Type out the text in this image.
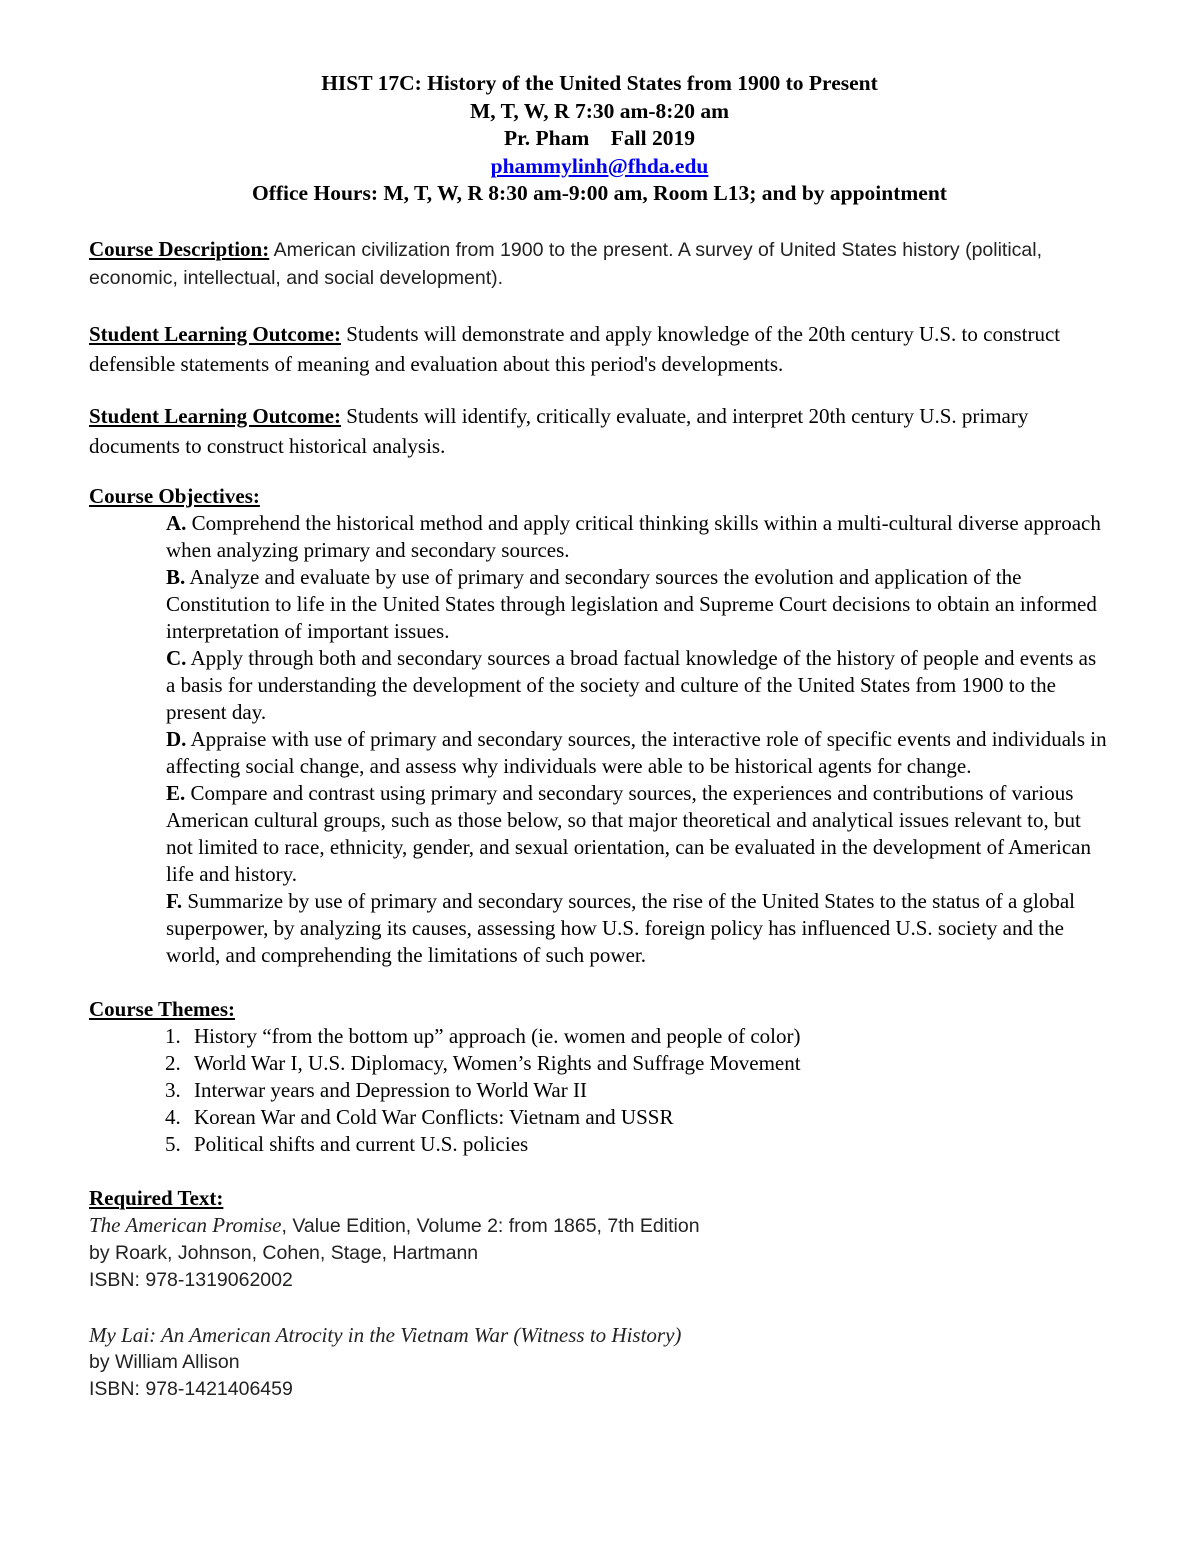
HIST 17C: History of the United States from 1900 to Present
M, T, W, R 7:30 am-8:20 am
Pr. Pham    Fall 2019
phammylinh@fhda.edu
Office Hours: M, T, W, R 8:30 am-9:00 am, Room L13; and by appointment

Course Description: American civilization from 1900 to the present. A survey of United States history (political, economic, intellectual, and social development).

Student Learning Outcome: Students will demonstrate and apply knowledge of the 20th century U.S. to construct defensible statements of meaning and evaluation about this period's developments.

Student Learning Outcome: Students will identify, critically evaluate, and interpret 20th century U.S. primary documents to construct historical analysis.

Course Objectives:
A. Comprehend the historical method and apply critical thinking skills within a multi-cultural diverse approach when analyzing primary and secondary sources.
B. Analyze and evaluate by use of primary and secondary sources the evolution and application of the Constitution to life in the United States through legislation and Supreme Court decisions to obtain an informed interpretation of important issues.
C. Apply through both and secondary sources a broad factual knowledge of the history of people and events as a basis for understanding the development of the society and culture of the United States from 1900 to the present day.
D. Appraise with use of primary and secondary sources, the interactive role of specific events and individuals in affecting social change, and assess why individuals were able to be historical agents for change.
E. Compare and contrast using primary and secondary sources, the experiences and contributions of various American cultural groups, such as those below, so that major theoretical and analytical issues relevant to, but not limited to race, ethnicity, gender, and sexual orientation, can be evaluated in the development of American life and history.
F. Summarize by use of primary and secondary sources, the rise of the United States to the status of a global superpower, by analyzing its causes, assessing how U.S. foreign policy has influenced U.S. society and the world, and comprehending the limitations of such power.
Course Themes:
1. History “from the bottom up” approach (ie. women and people of color)
2. World War I, U.S. Diplomacy, Women’s Rights and Suffrage Movement
3. Interwar years and Depression to World War II
4. Korean War and Cold War Conflicts: Vietnam and USSR
5. Political shifts and current U.S. policies
Required Text:
The American Promise, Value Edition, Volume 2: from 1865, 7th Edition
by Roark, Johnson, Cohen, Stage, Hartmann
ISBN: 978-1319062002
My Lai: An American Atrocity in the Vietnam War (Witness to History)
by William Allison
ISBN: 978-1421406459
